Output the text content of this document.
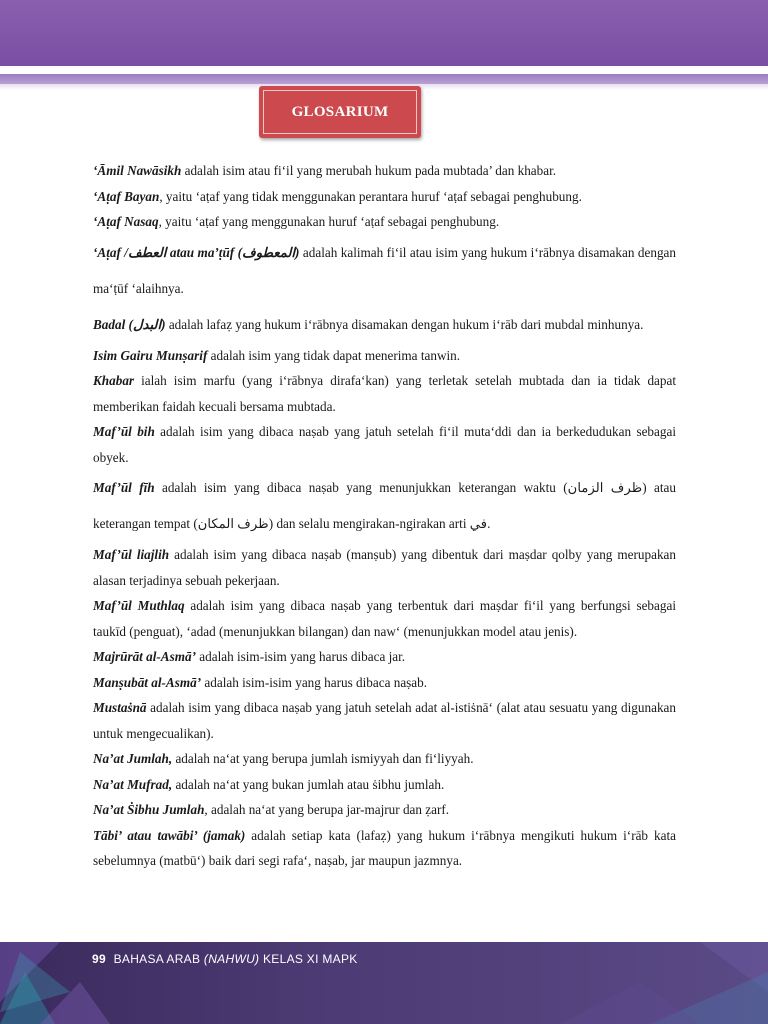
GLOSARIUM

‘Āmil Nawāsikh adalah isim atau fi‘il yang merubah hukum pada mubtada’ dan khabar.

‘Aṭaf Bayan, yaitu ‘aṭaf yang tidak menggunakan perantara huruf ‘aṭaf sebagai penghubung.

‘Aṭaf Nasaq, yaitu ‘aṭaf yang menggunakan huruf ‘aṭaf sebagai penghubung.

‘Aṭaf /العطف atau ma’ṭūf (المعطوف) adalah kalimah fi‘il atau isim yang hukum i‘rābnya disamakan dengan ma‘ṭūf ‘alaihnya.

Badal (البدل) adalah lafaẓ yang hukum i‘rābnya disamakan dengan hukum i‘rāb dari mubdal minhunya.

Isim Gairu Munṣarif adalah isim yang tidak dapat menerima tanwin.

Khabar ialah isim marfu (yang i‘rābnya dirafa‘kan) yang terletak setelah mubtada dan ia tidak dapat memberikan faidah kecuali bersama mubtada.

Maf’ūl bih adalah isim yang dibaca naṣab yang jatuh setelah fi‘il muta‘ddi dan ia berkedudukan sebagai obyek.

Maf’ūl fīh adalah isim yang dibaca naṣab yang menunjukkan keterangan waktu (ظرف الزمان) atau keterangan tempat (ظرف المكان) dan selalu mengirakan-ngirakan arti في.

Maf’ūl liajlih adalah isim yang dibaca naṣab (manṣub) yang dibentuk dari maṣdar qolby yang merupakan alasan terjadinya sebuah pekerjaan.

Maf’ūl Muthlaq adalah isim yang dibaca naṣab yang terbentuk dari maṣdar fi‘il yang berfungsi sebagai taukīd (penguat), ‘adad (menunjukkan bilangan) dan naw‘ (menunjukkan model atau jenis).

Majrūrāt al-Asmā’ adalah isim-isim yang harus dibaca jar.

Manṣubāt al-Asmā’ adalah isim-isim yang harus dibaca naṣab.

Mustaṡnā adalah isim yang dibaca naṣab yang jatuh setelah adat al-istiṡnā‘ (alat atau sesuatu yang digunakan untuk mengecualikan).

Na’at Jumlah, adalah na‘at yang berupa jumlah ismiyyah dan fi‘liyyah.

Na’at Mufrad, adalah na‘at yang bukan jumlah atau ṡibhu jumlah.

Na’at Ṡibhu Jumlah, adalah na‘at yang berupa jar-majrur dan ẓarf.

Tābi’ atau tawābi’ (jamak) adalah setiap kata (lafaẓ) yang hukum i‘rābnya mengikuti hukum i‘rāb kata sebelumnya (matbū‘) baik dari segi rafa‘, naṣab, jar maupun jazmnya.

99 BAHASA ARAB (NAHWU) KELAS XI MAPK
